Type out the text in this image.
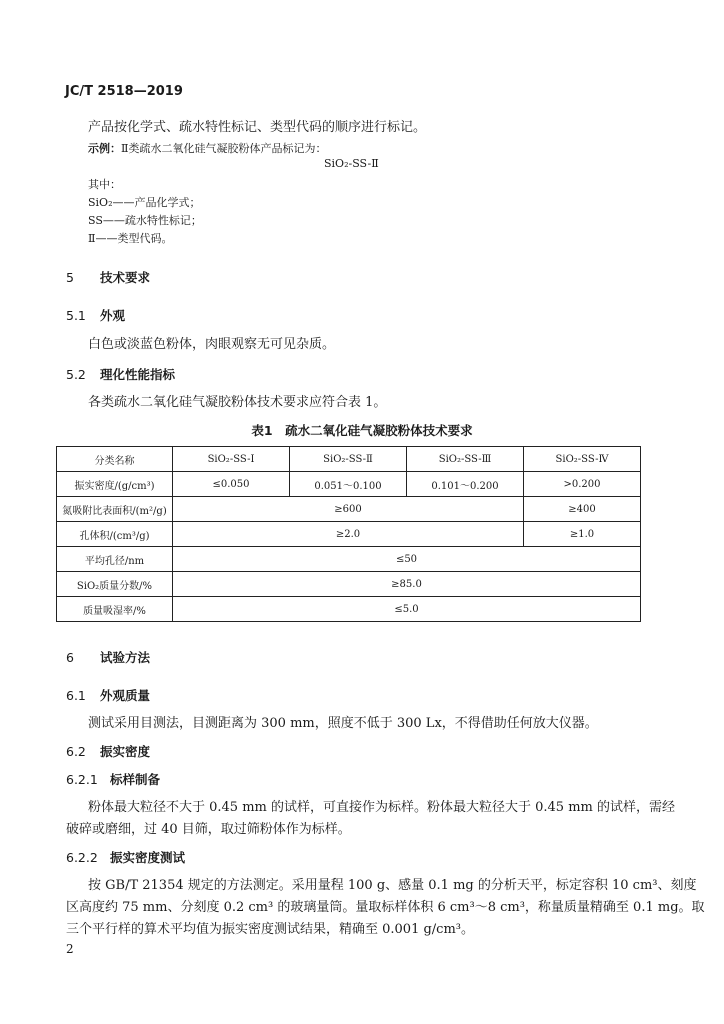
JC/T 2518—2019
产品按化学式、疏水特性标记、类型代码的顺序进行标记。
示例：Ⅱ类疏水二氧化硅气凝胶粉体产品标记为：
SiO₂-SS-Ⅱ
其中：
SiO₂——产品化学式；
SS——疏水特性标记；
Ⅱ——类型代码。
5 技术要求
5.1 外观
白色或淡蓝色粉体，肉眼观察无可见杂质。
5.2 理化性能指标
各类疏水二氧化硅气凝胶粉体技术要求应符合表 1。
表1　疏水二氧化硅气凝胶粉体技术要求
分类名称	SiO₂-SS-Ⅰ	SiO₂-SS-Ⅱ	SiO₂-SS-Ⅲ	SiO₂-SS-Ⅳ
振实密度/(g/cm³)	≤0.050	0.051～0.100	0.101～0.200	>0.200
氮吸附比表面积/(m²/g)	≥600			≥400
孔体积/(cm³/g)	≥2.0			≥1.0
平均孔径/nm	≤50			
SiO₂质量分数/%	≥85.0			
质量吸湿率/%	≤5.0			
6 试验方法
6.1 外观质量
测试采用目测法，目测距离为 300 mm，照度不低于 300 Lx，不得借助任何放大仪器。
6.2 振实密度
6.2.1 标样制备
粉体最大粒径不大于 0.45 mm 的试样，可直接作为标样。粉体最大粒径大于 0.45 mm 的试样，需经
破碎或磨细，过 40 目筛，取过筛粉体作为标样。
6.2.2 振实密度测试
按 GB/T 21354 规定的方法测定。采用量程 100 g、感量 0.1 mg 的分析天平，标定容积 10 cm³、刻度
区高度约 75 mm、分刻度 0.2 cm³ 的玻璃量筒。量取标样体积 6 cm³～8 cm³，称量质量精确至 0.1 mg。取
三个平行样的算术平均值为振实密度测试结果，精确至 0.001 g/cm³。
2
